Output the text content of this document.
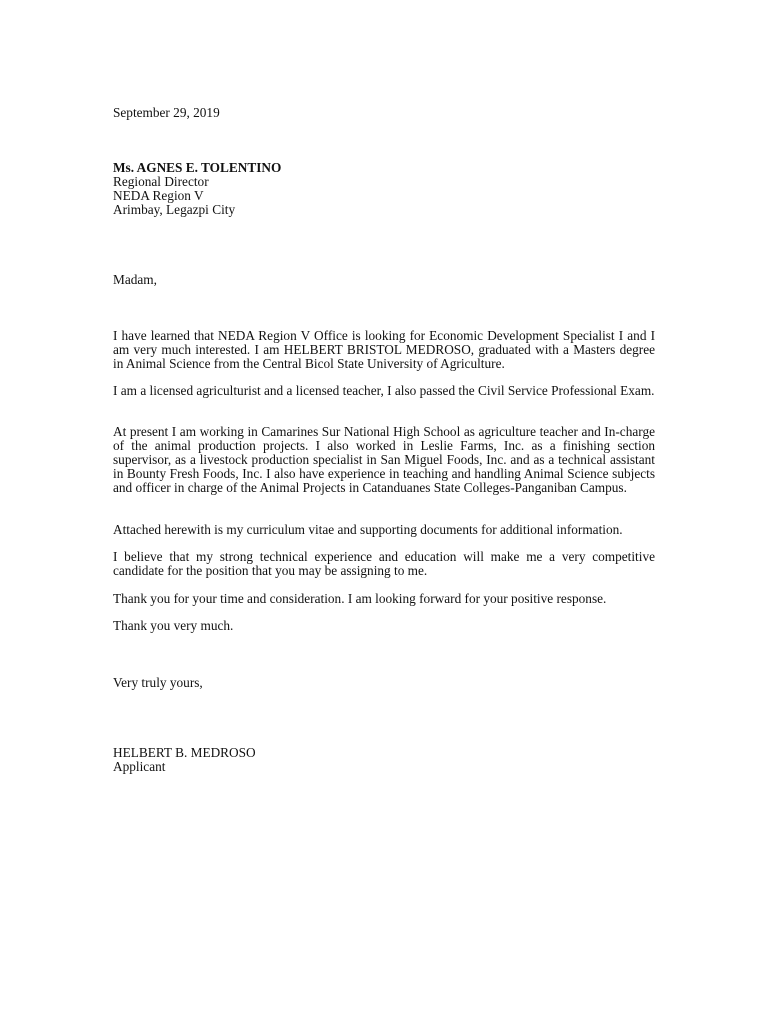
September 29, 2019
Ms. AGNES E. TOLENTINO
Regional Director
NEDA Region V
Arimbay, Legazpi City
Madam,
I have learned that NEDA Region V Office is looking for Economic Development Specialist I and I am very much interested. I am HELBERT BRISTOL MEDROSO, graduated with a Masters degree in Animal Science from the Central Bicol State University of Agriculture.
I am a licensed agriculturist and a licensed teacher, I also passed the Civil Service Professional Exam.
At present I am working in Camarines Sur National High School as agriculture teacher and In-charge of the animal production projects. I also worked in Leslie Farms, Inc. as a finishing section supervisor, as a livestock production specialist in San Miguel Foods, Inc. and as a technical assistant in Bounty Fresh Foods, Inc. I also have experience in teaching and handling Animal Science subjects and officer in charge of the Animal Projects in Catanduanes State Colleges-Panganiban Campus.
Attached herewith is my curriculum vitae and supporting documents for additional information.
I believe that my strong technical experience and education will make me a very competitive candidate for the position that you may be assigning to me.
Thank you for your time and consideration. I am looking forward for your positive response.
Thank you very much.
Very truly yours,
HELBERT B. MEDROSO
Applicant
